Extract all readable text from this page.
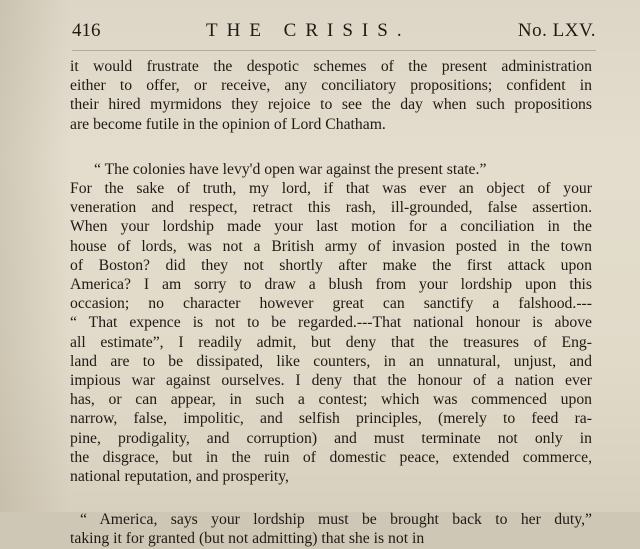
416	THE CRISIS.	No. LXV.

it would frustrate the despotic schemes of the present administration
either to offer, or receive, any conciliatory propositions; confident in
their hired myrmidons they rejoice to see the day when such propositions
are become futile in the opinion of Lord Chatham.

“ The colonies have levy'd open war against the present state.”
For the sake of truth, my lord, if that was ever an object of your
veneration and respect, retract this rash, ill-grounded, false assertion.
When your lordship made your last motion for a conciliation in the
house of lords, was not a British army of invasion posted in the town
of Boston? did they not shortly after make the first attack upon
America? I am sorry to draw a blush from your lordship upon this
occasion; no character however great can sanctify a falshood.---
“ That expence is not to be regarded.---That national honour is above
all estimate”, I readily admit, but deny that the treasures of Eng-
land are to be dissipated, like counters, in an unnatural, unjust, and
impious war against ourselves. I deny that the honour of a nation ever
has, or can appear, in such a contest; which was commenced upon
narrow, false, impolitic, and selfish principles, (merely to feed ra-
pine, prodigality, and corruption) and must terminate not only in
the disgrace, but in the ruin of domestic peace, extended commerce,
national reputation, and prosperity,

“ America, says your lordship must be brought back to her duty,”
taking it for granted (but not admitting) that she is not in
